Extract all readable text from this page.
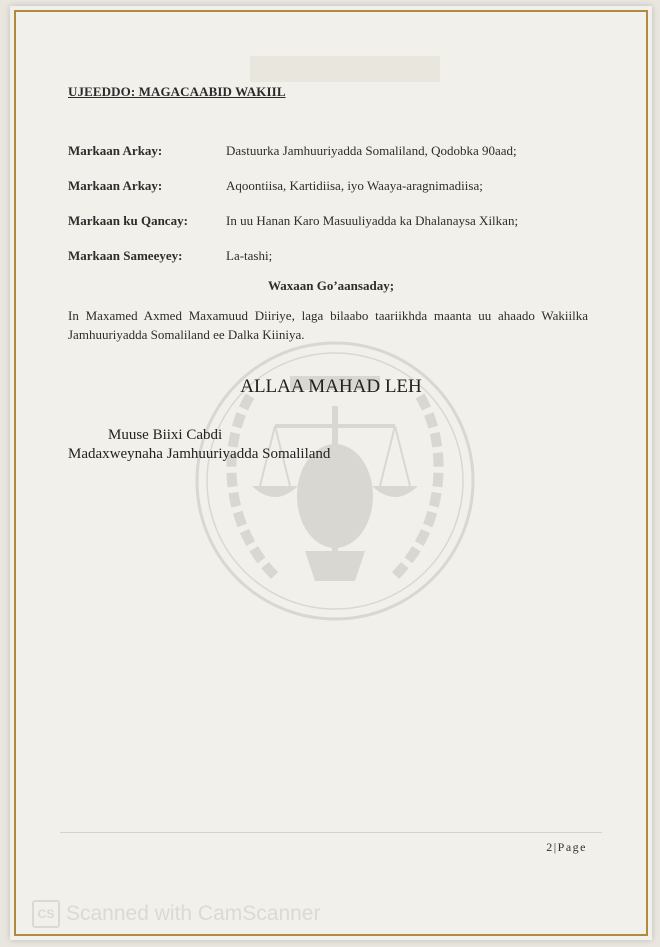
UJEEDDO: MAGACAABID WAKIIL
Markaan Arkay:	Dastuurka Jamhuuriyadda Somaliland, Qodobka 90aad;
Markaan Arkay:	Aqoontiisa, Kartidiisa, iyo Waaya-aragnimadiisa;
Markaan ku Qancay:	In uu Hanan Karo Masuuliyadda ka Dhalanaysa Xilkan;
Markaan Sameeyey:	La-tashi;
Waxaan Go’aansaday;
In Maxamed Axmed Maxamuud Diiriye, laga bilaabo taariikhda maanta uu ahaado Wakiilka Jamhuuriyadda Somaliland ee Dalka Kiiniya.
ALLAA MAHAD LEH
Muuse Biixi Cabdi
Madaxweynaha Jamhuuriyadda Somaliland
2|Page
CS Scanned with CamScanner
